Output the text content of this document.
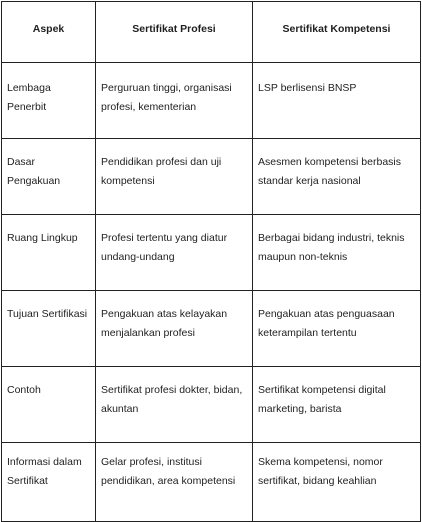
Aspek	Sertifikat Profesi	Sertifikat Kompetensi
Lembaga Penerbit	Perguruan tinggi, organisasi profesi, kementerian	LSP berlisensi BNSP
Dasar Pengakuan	Pendidikan profesi dan uji kompetensi	Asesmen kompetensi berbasis standar kerja nasional
Ruang Lingkup	Profesi tertentu yang diatur undang-undang	Berbagai bidang industri, teknis maupun non-teknis
Tujuan Sertifikasi	Pengakuan atas kelayakan menjalankan profesi	Pengakuan atas penguasaan keterampilan tertentu
Contoh	Sertifikat profesi dokter, bidan, akuntan	Sertifikat kompetensi digital marketing, barista
Informasi dalam Sertifikat	Gelar profesi, institusi pendidikan, area kompetensi	Skema kompetensi, nomor sertifikat, bidang keahlian
